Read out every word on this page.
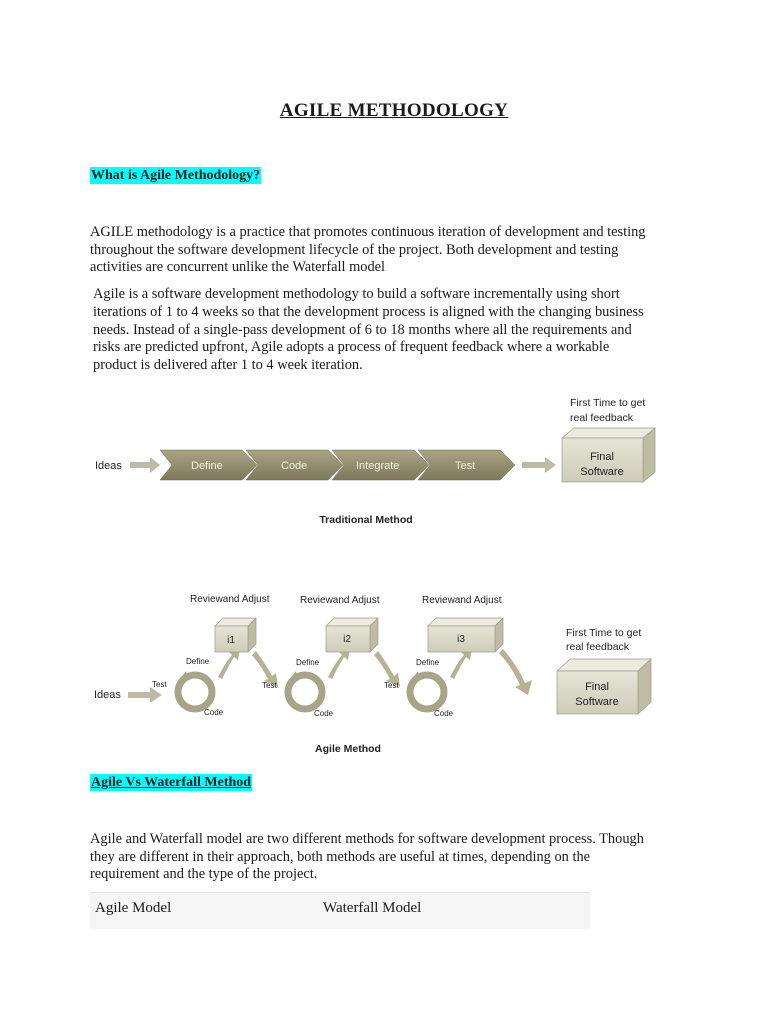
AGILE METHODOLOGY
What is Agile Methodology?
AGILE methodology is a practice that promotes continuous iteration of development and testing
throughout the software development lifecycle of the project. Both development and testing
activities are concurrent unlike the Waterfall model
Agile is a software development methodology to build a software incrementally using short
iterations of 1 to 4 weeks so that the development process is aligned with the changing business
needs. Instead of a single-pass development of 6 to 18 months where all the requirements and
risks are predicted upfront, Agile adopts a process of frequent feedback where a workable
product is delivered after 1 to 4 week iteration.
Ideas	Define	Code	Integrate	Test
First Time to get
real feedback
Final
Software
Traditional Method
Reviewand Adjust	Reviewand Adjust	Reviewand Adjust
Ideas
Define
Test
Code
i1
Define
Test
Code
i2
Define
Test
Code
i3
First Time to get
real feedback
Final
Software
Agile Method
Agile Vs Waterfall Method
Agile and Waterfall model are two different methods for software development process. Though
they are different in their approach, both methods are useful at times, depending on the
requirement and the type of the project.
Agile Model	Waterfall Model
